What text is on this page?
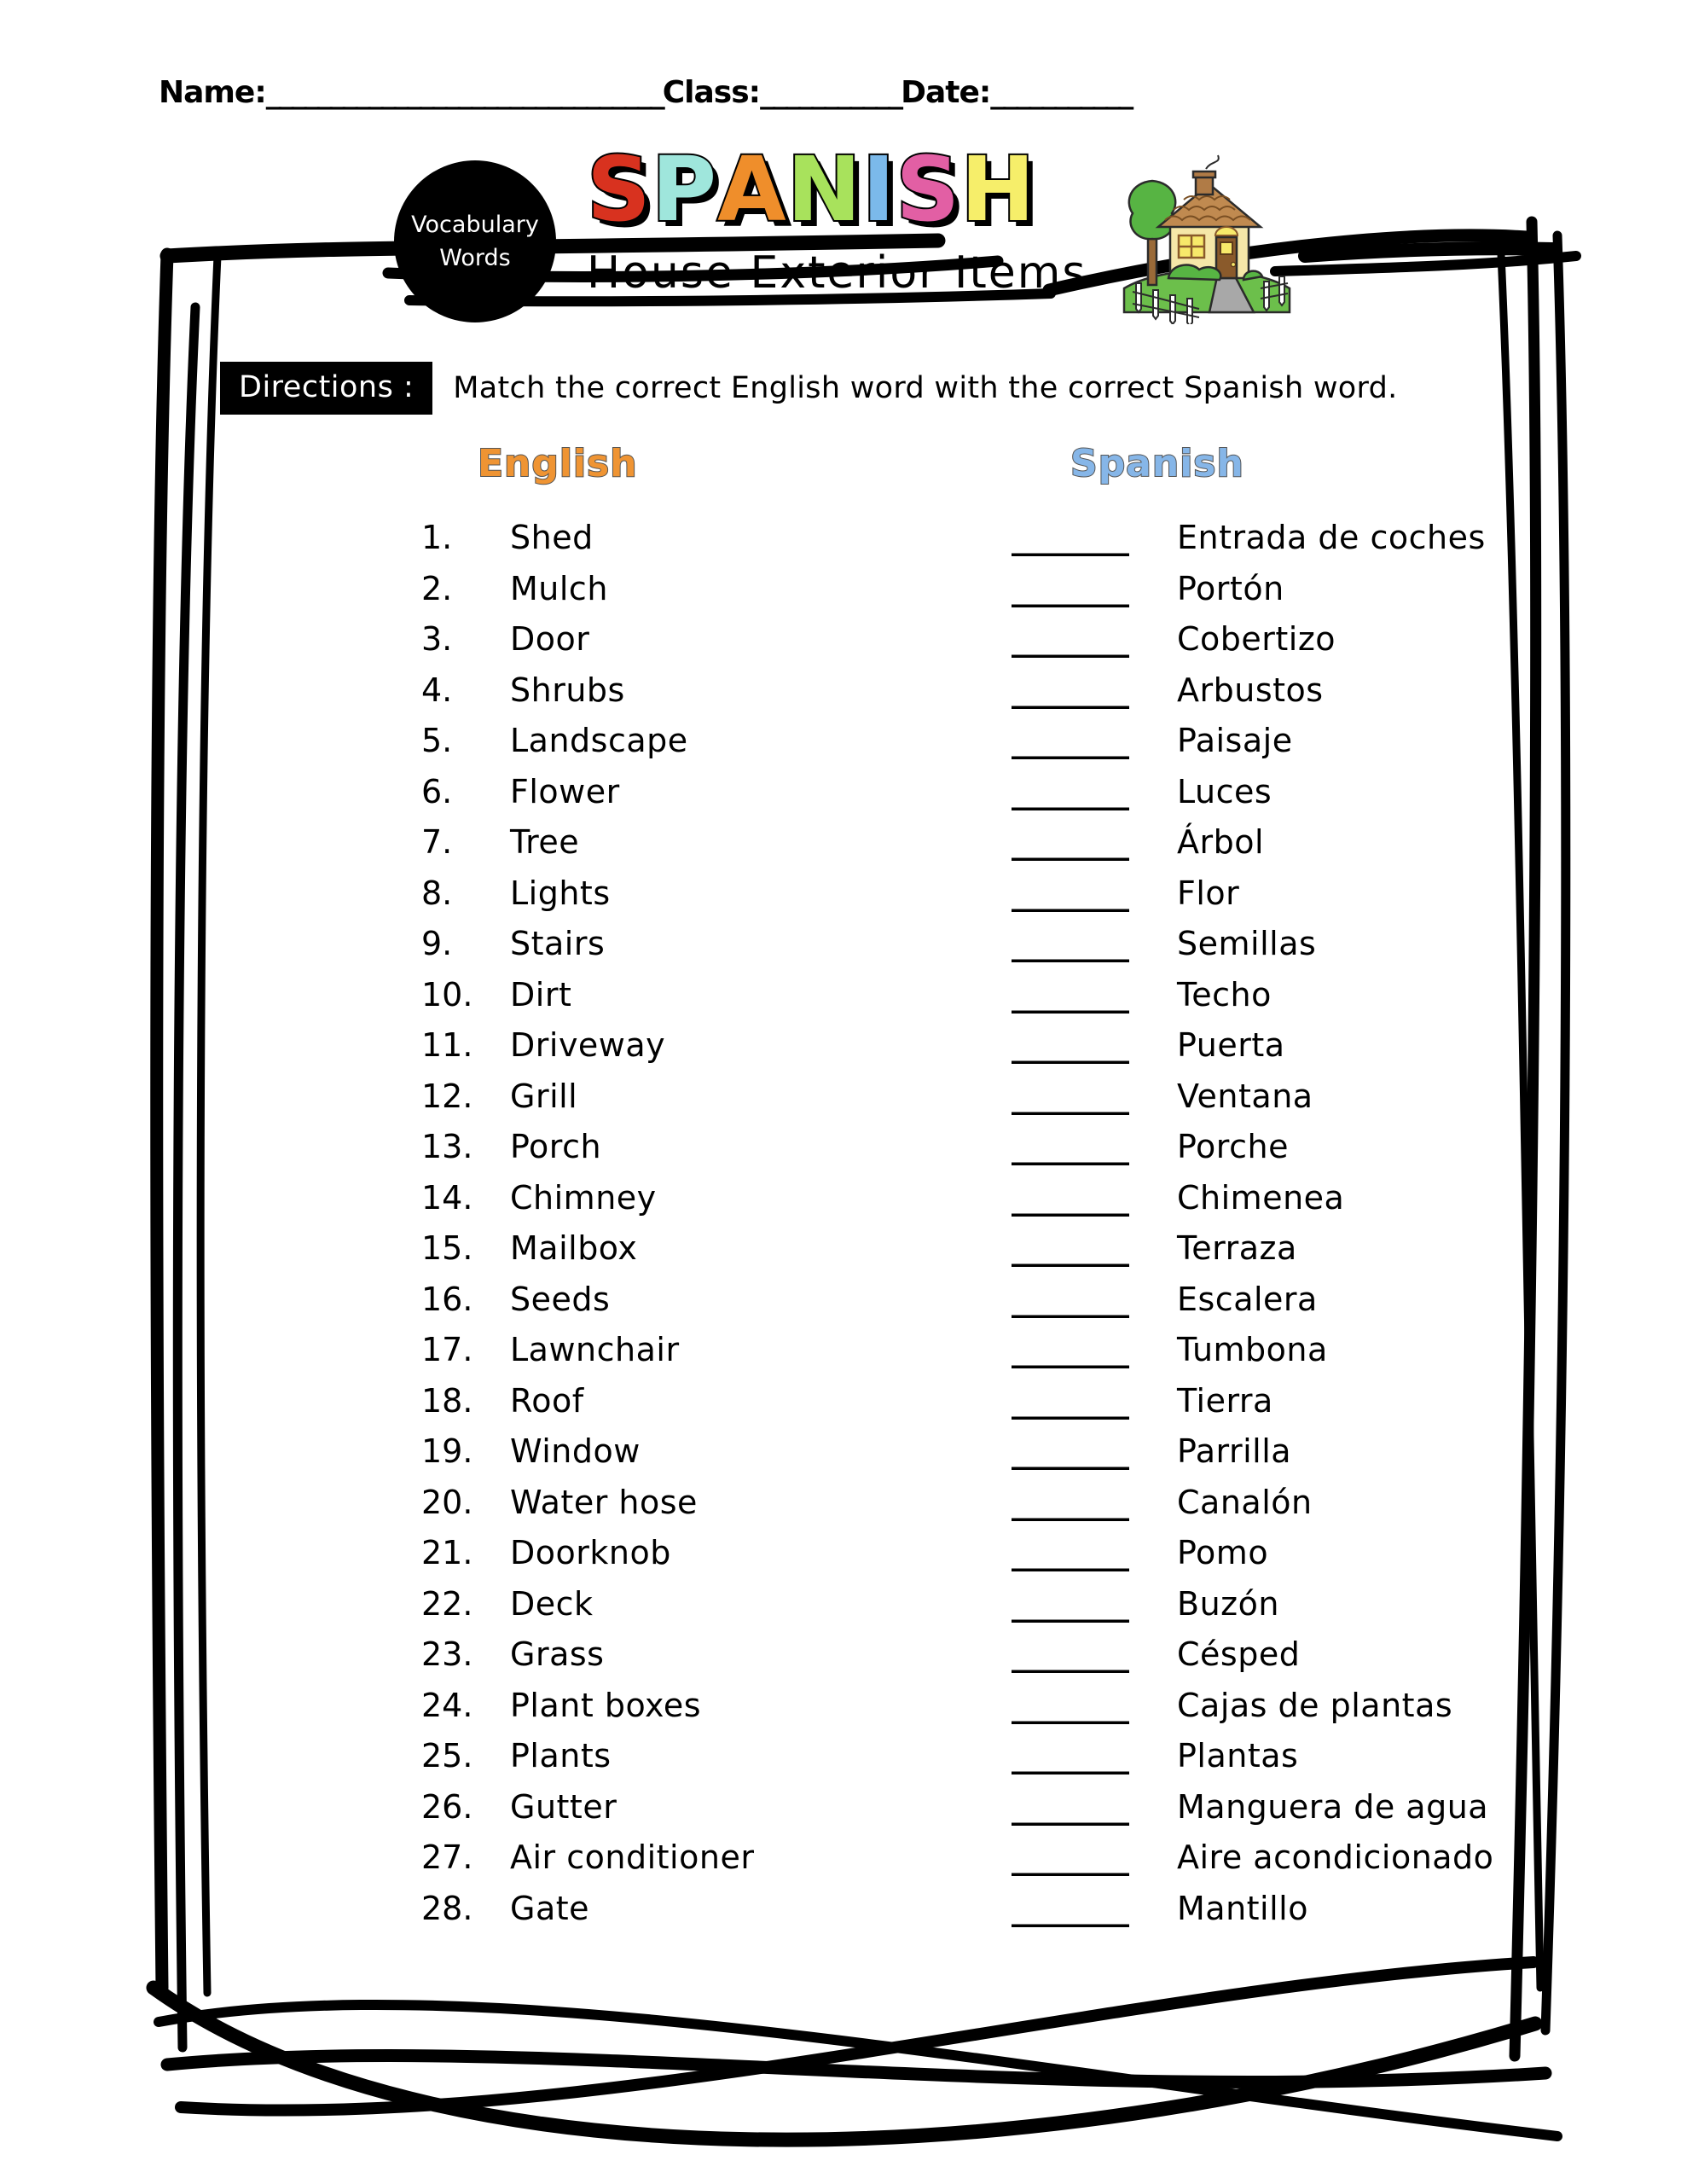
Name:_______________________________Class:___________Date:___________
Vocabulary
Words
SPANISH
House Exterior Items
Directions :	Match the correct English word with the correct Spanish word.
English	Spanish
1.	Shed	________ Entrada de coches
2.	Mulch	________ Portón
3.	Door	________ Cobertizo
4.	Shrubs	________ Arbustos
5.	Landscape	________ Paisaje
6.	Flower	________ Luces
7.	Tree	________ Árbol
8.	Lights	________ Flor
9.	Stairs	________ Semillas
10.	Dirt	________ Techo
11.	Driveway	________ Puerta
12.	Grill	________ Ventana
13.	Porch	________ Porche
14.	Chimney	________ Chimenea
15.	Mailbox	________ Terraza
16.	Seeds	________ Escalera
17.	Lawnchair	________ Tumbona
18.	Roof	________ Tierra
19.	Window	________ Parrilla
20.	Water hose	________ Canalón
21.	Doorknob	________ Pomo
22.	Deck	________ Buzón
23.	Grass	________ Césped
24.	Plant boxes	________ Cajas de plantas
25.	Plants	________ Plantas
26.	Gutter	________ Manguera de agua
27.	Air conditioner	________ Aire acondicionado
28.	Gate	________ Mantillo
